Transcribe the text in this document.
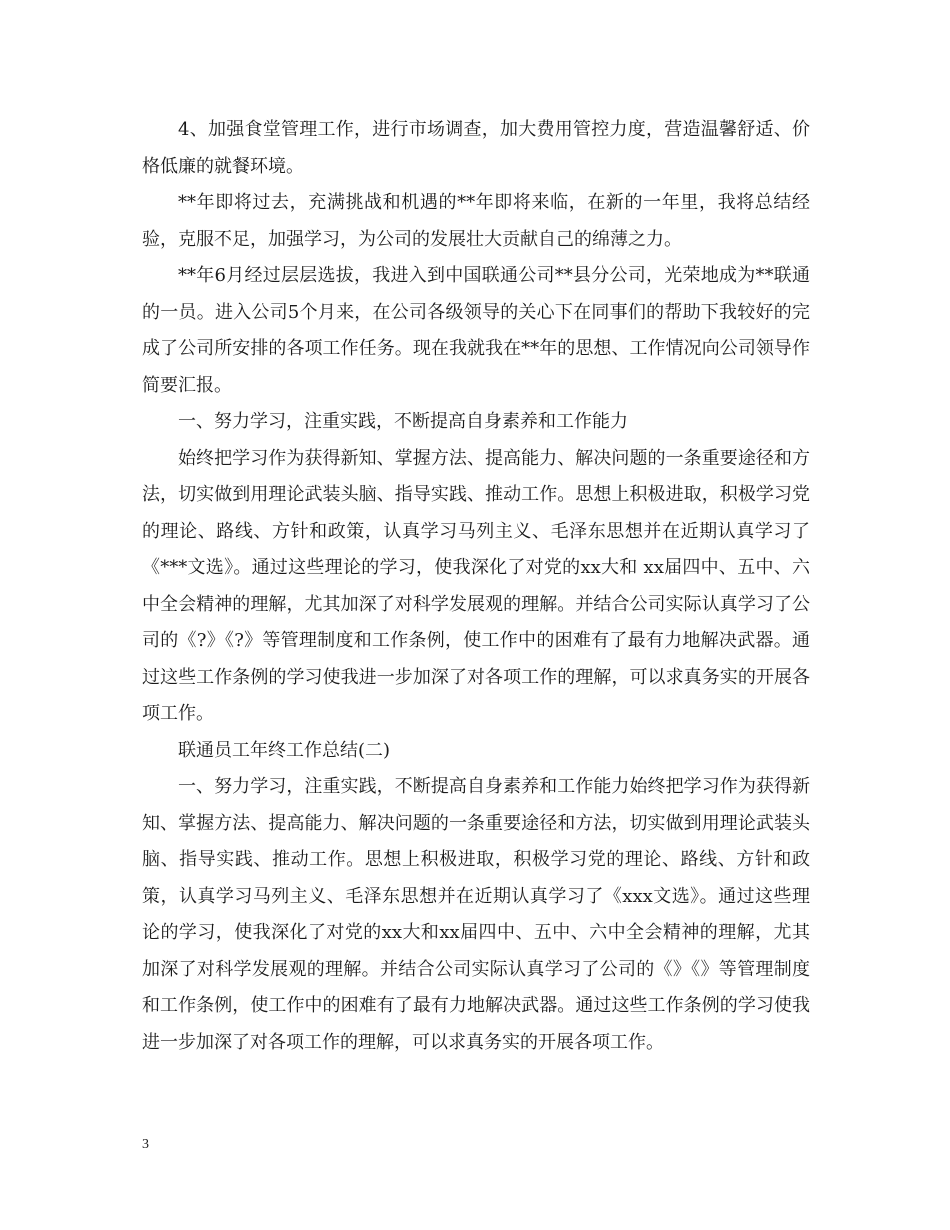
4、加强食堂管理工作，进行市场调查，加大费用管控力度，营造温馨舒适、价格低廉的就餐环境。

**年即将过去，充满挑战和机遇的**年即将来临，在新的一年里，我将总结经验，克服不足，加强学习，为公司的发展壮大贡献自己的绵薄之力。

**年6月经过层层选拔，我进入到中国联通公司**县分公司，光荣地成为**联通的一员。进入公司5个月来，在公司各级领导的关心下在同事们的帮助下我较好的完成了公司所安排的各项工作任务。现在我就我在**年的思想、工作情况向公司领导作简要汇报。

一、努力学习，注重实践，不断提高自身素养和工作能力

始终把学习作为获得新知、掌握方法、提高能力、解决问题的一条重要途径和方法，切实做到用理论武装头脑、指导实践、推动工作。思想上积极进取，积极学习党的理论、路线、方针和政策，认真学习马列主义、毛泽东思想并在近期认真学习了《***文选》。通过这些理论的学习，使我深化了对党的xx大和 xx届四中、五中、六中全会精神的理解，尤其加深了对科学发展观的理解。并结合公司实际认真学习了公司的《?》《?》等管理制度和工作条例，使工作中的困难有了最有力地解决武器。通过这些工作条例的学习使我进一步加深了对各项工作的理解，可以求真务实的开展各项工作。

联通员工年终工作总结(二)

一、努力学习，注重实践，不断提高自身素养和工作能力始终把学习作为获得新知、掌握方法、提高能力、解决问题的一条重要途径和方法，切实做到用理论武装头脑、指导实践、推动工作。思想上积极进取，积极学习党的理论、路线、方针和政策，认真学习马列主义、毛泽东思想并在近期认真学习了《xxx文选》。通过这些理论的学习，使我深化了对党的xx大和xx届四中、五中、六中全会精神的理解，尤其加深了对科学发展观的理解。并结合公司实际认真学习了公司的《》《》等管理制度和工作条例，使工作中的困难有了最有力地解决武器。通过这些工作条例的学习使我进一步加深了对各项工作的理解，可以求真务实的开展各项工作。

3
